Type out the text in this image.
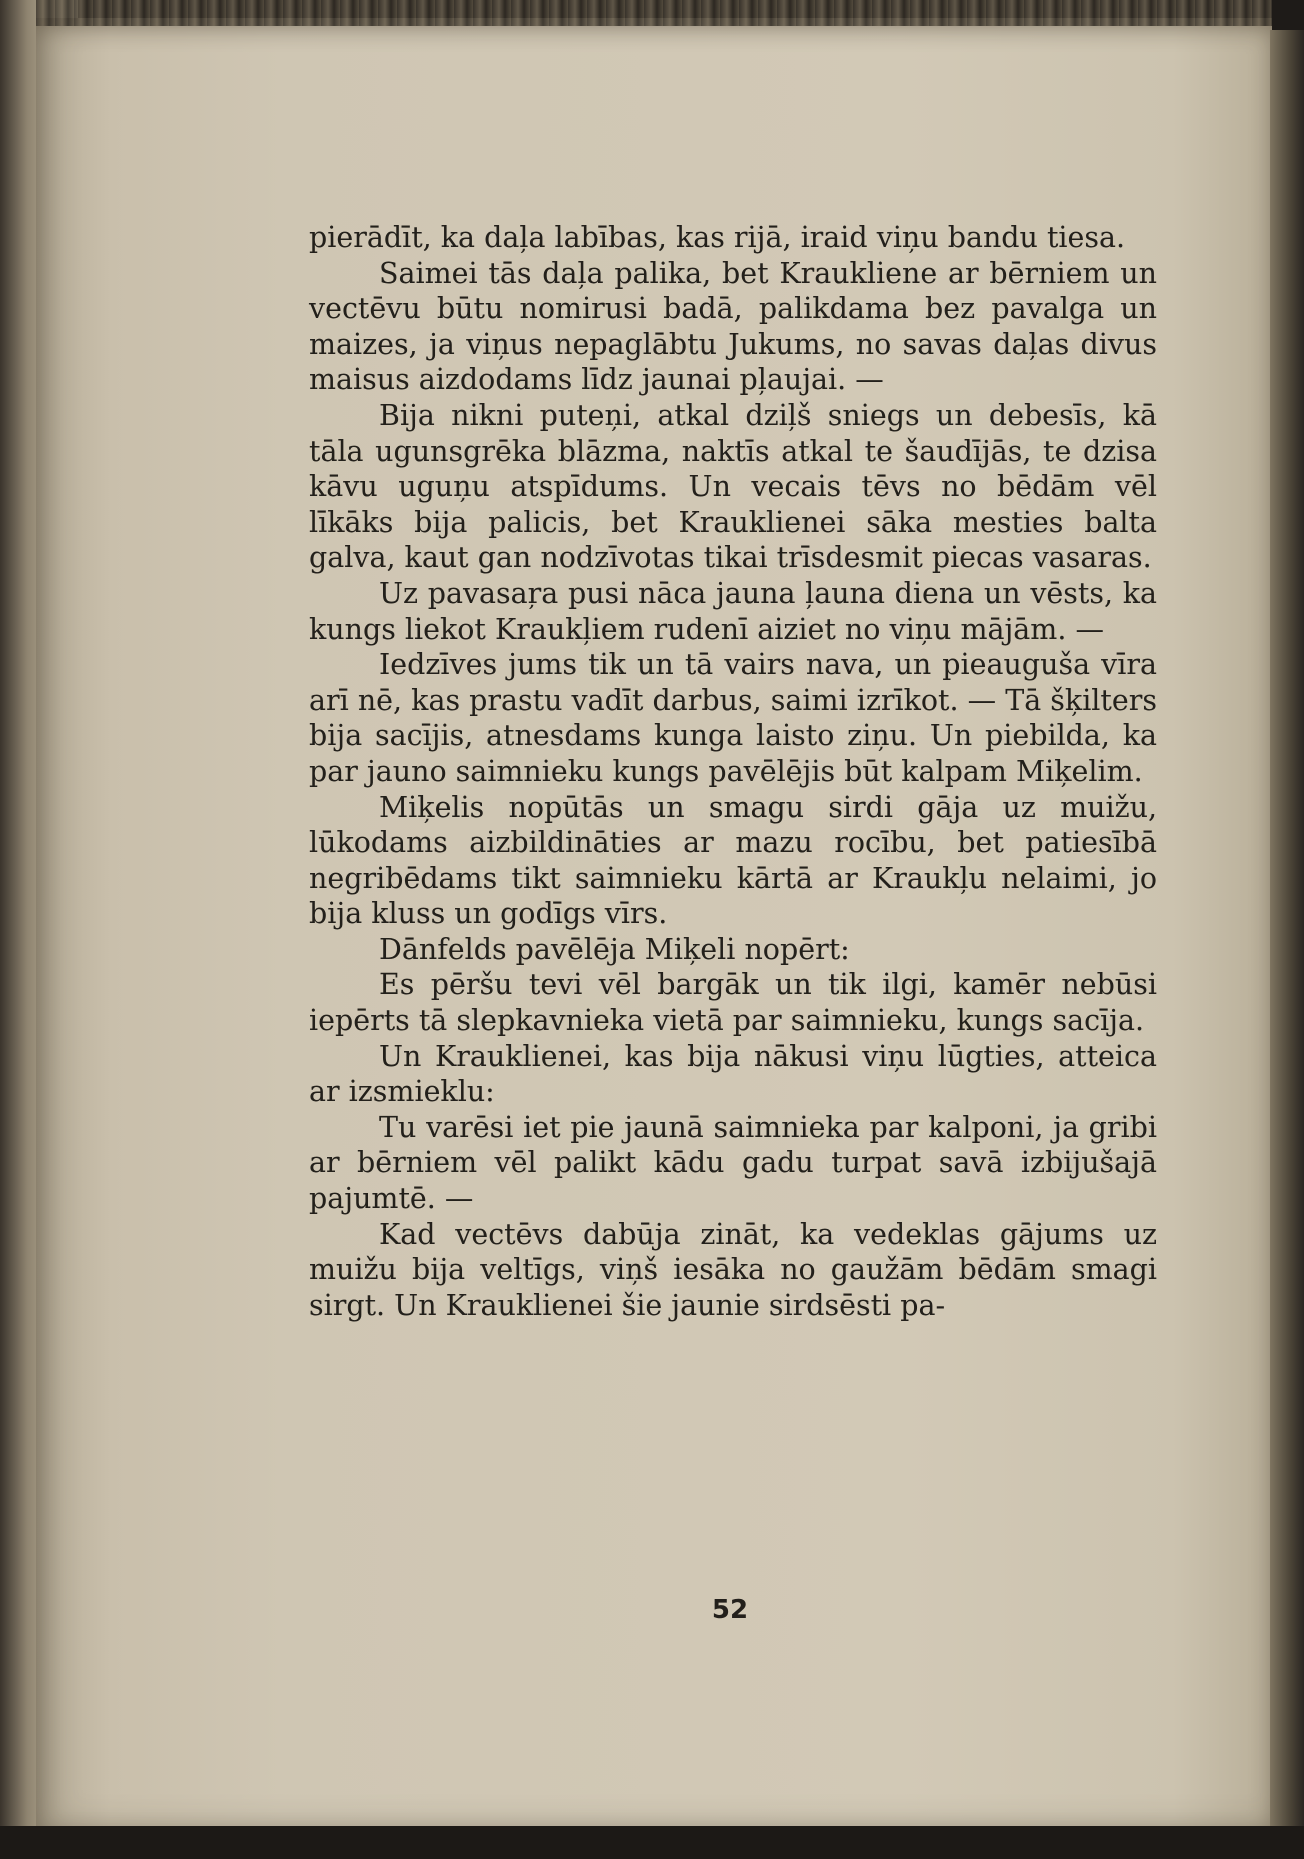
pierādīt, ka daļa labības, kas rijā, iraid viņu bandu tiesa.

Saimei tās daļa palika, bet Kraukliene ar bērniem un vectēvu būtu nomirusi badā, palikdama bez pavalga un maizes, ja viņus nepaglābtu Jukums, no savas daļas divus maisus aizdodams līdz jaunai pļaujai. —

Bija nikni puteņi, atkal dziļš sniegs un debesīs, kā tāla ugunsgrēka blāzma, naktīs atkal te šaudījās, te dzisa kāvu uguņu atspīdums. Un vecais tēvs no bēdām vēl līkāks bija palicis, bet Krauklienei sāka mesties balta galva, kaut gan nodzīvotas tikai trīsdesmit piecas vasaras.

Uz pavasaŗa pusi nāca jauna ļauna diena un vēsts, ka kungs liekot Kraukļiem rudenī aiziet no viņu mājām. —

Iedzīves jums tik un tā vairs nava, un pieauguša vīra arī nē, kas prastu vadīt darbus, saimi izrīkot. — Tā šķilters bija sacījis, atnesdams kunga laisto ziņu. Un piebilda, ka par jauno saimnieku kungs pavēlējis būt kalpam Miķelim.

Miķelis nopūtās un smagu sirdi gāja uz muižu, lūkodams aizbildināties ar mazu rocību, bet patiesībā negribēdams tikt saimnieku kārtā ar Kraukļu nelaimi, jo bija kluss un godīgs vīrs.

Dānfelds pavēlēja Miķeli nopērt:

Es pēršu tevi vēl bargāk un tik ilgi, kamēr nebūsi iepērts tā slepkavnieka vietā par saimnieku, kungs sacīja.

Un Krauklienei, kas bija nākusi viņu lūgties, atteica ar izsmieklu:

Tu varēsi iet pie jaunā saimnieka par kalponi, ja gribi ar bērniem vēl palikt kādu gadu turpat savā izbijušajā pajumtē. —

Kad vectēvs dabūja zināt, ka vedeklas gājums uz muižu bija veltīgs, viņš iesāka no gaužām bēdām smagi sirgt. Un Krauklienei šie jaunie sirdsēsti pa-

52
